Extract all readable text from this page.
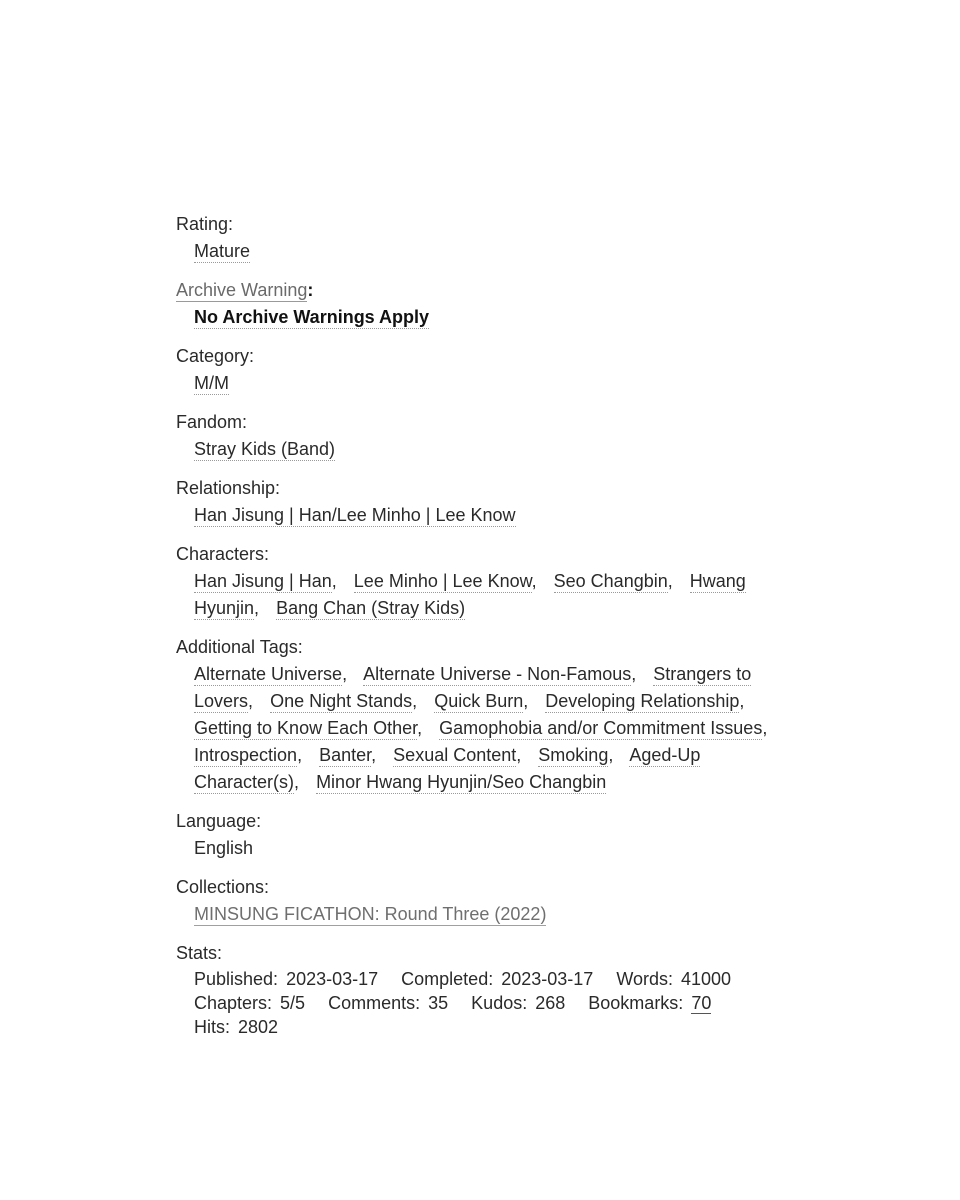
Rating:
Mature
Archive Warning:
No Archive Warnings Apply
Category:
M/M
Fandom:
Stray Kids (Band)
Relationship:
Han Jisung | Han/Lee Minho | Lee Know
Characters:
Han Jisung | Han, Lee Minho | Lee Know, Seo Changbin, Hwang Hyunjin, Bang Chan (Stray Kids)
Additional Tags:
Alternate Universe, Alternate Universe - Non-Famous, Strangers to Lovers, One Night Stands, Quick Burn, Developing Relationship, Getting to Know Each Other, Gamophobia and/or Commitment Issues, Introspection, Banter, Sexual Content, Smoking, Aged-Up Character(s), Minor Hwang Hyunjin/Seo Changbin
Language:
English
Collections:
MINSUNG FICATHON: Round Three (2022)
Stats:
Published: 2023-03-17 Completed: 2023-03-17 Words: 41000 Chapters: 5/5 Comments: 35 Kudos: 268 Bookmarks: 70 Hits: 2802
